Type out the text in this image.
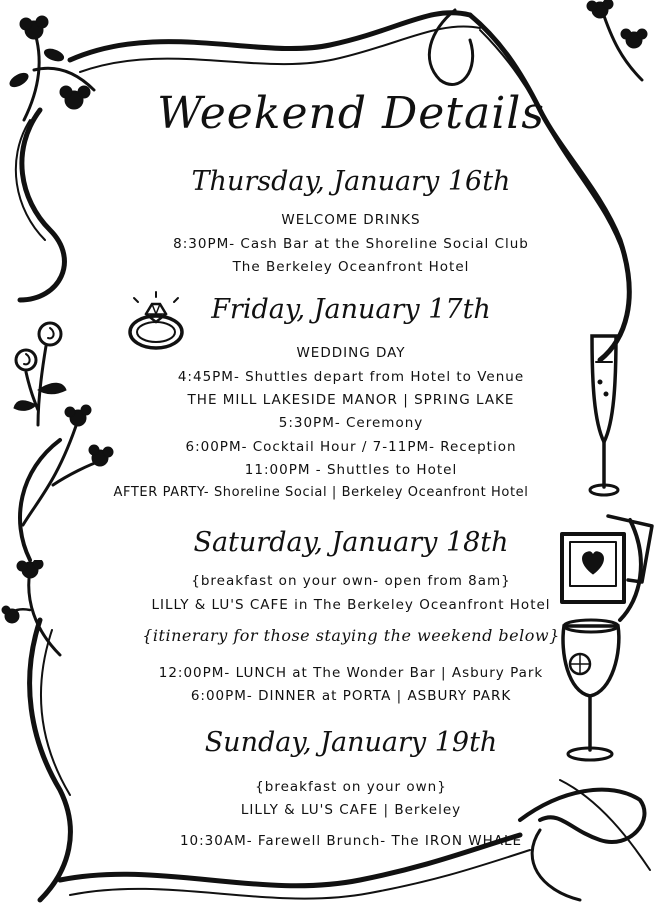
Weekend Details
Thursday, January 16th
WELCOME DRINKS
8:30PM- Cash Bar at the Shoreline Social Club
The Berkeley Oceanfront Hotel
Friday, January 17th
WEDDING DAY
4:45PM- Shuttles depart from Hotel to Venue
THE MILL LAKESIDE MANOR | SPRING LAKE
5:30PM- Ceremony
6:00PM- Cocktail Hour / 7-11PM- Reception
11:00PM - Shuttles to Hotel
AFTER PARTY- Shoreline Social | Berkeley Oceanfront Hotel
Saturday, January 18th
{breakfast on your own- open from 8am}
LILLY & LU'S CAFE in The Berkeley Oceanfront Hotel
{itinerary for those staying the weekend below}
12:00PM- LUNCH at The Wonder Bar | Asbury Park
6:00PM- DINNER at PORTA | ASBURY PARK
Sunday, January 19th
{breakfast on your own}
LILLY & LU'S CAFE | Berkeley
10:30AM- Farewell Brunch- The IRON WHALE
